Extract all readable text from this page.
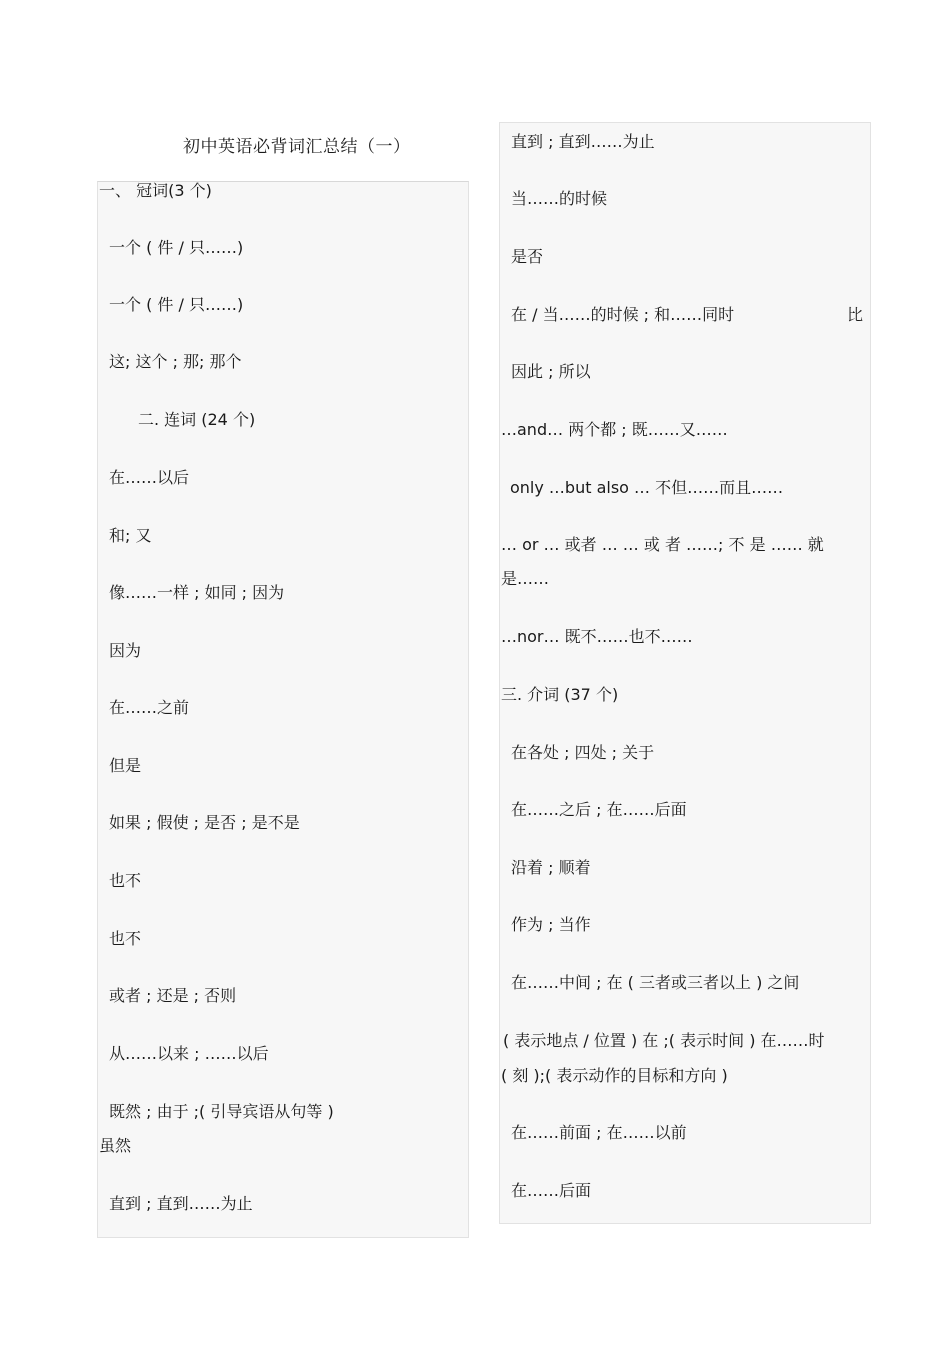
初中英语必背词汇总结（一）
一、 冠词(3 个)
一个 ( 件 / 只……)
一个 ( 件 / 只……)
这; 这个 ; 那; 那个
二. 连词 (24 个)
在……以后
和; 又
像……一样 ; 如同 ; 因为
因为
在……之前
但是
如果 ; 假使 ; 是否 ; 是不是
也不
也不
或者 ; 还是 ; 否则
从……以来 ; ……以后
既然 ; 由于 ;( 引导宾语从句等 )
虽然
直到 ; 直到……为止
直到 ; 直到……为止
当……的时候
是否
在 / 当……的时候 ; 和……同时	比
因此 ; 所以
…and… 两个都 ; 既……又……
only …but also … 不但……而且……
… or … 或者 … … 或 者 ……; 不 是 …… 就
是……
…nor… 既不……也不……
三. 介词 (37 个)
在各处 ; 四处 ; 关于
在……之后 ; 在……后面
沿着 ; 顺着
作为 ; 当作
在……中间 ; 在 ( 三者或三者以上 ) 之间
( 表示地点 / 位置 ) 在 ;( 表示时间 ) 在……时
( 刻 );( 表示动作的目标和方向 )
在……前面 ; 在……以前
在……后面
